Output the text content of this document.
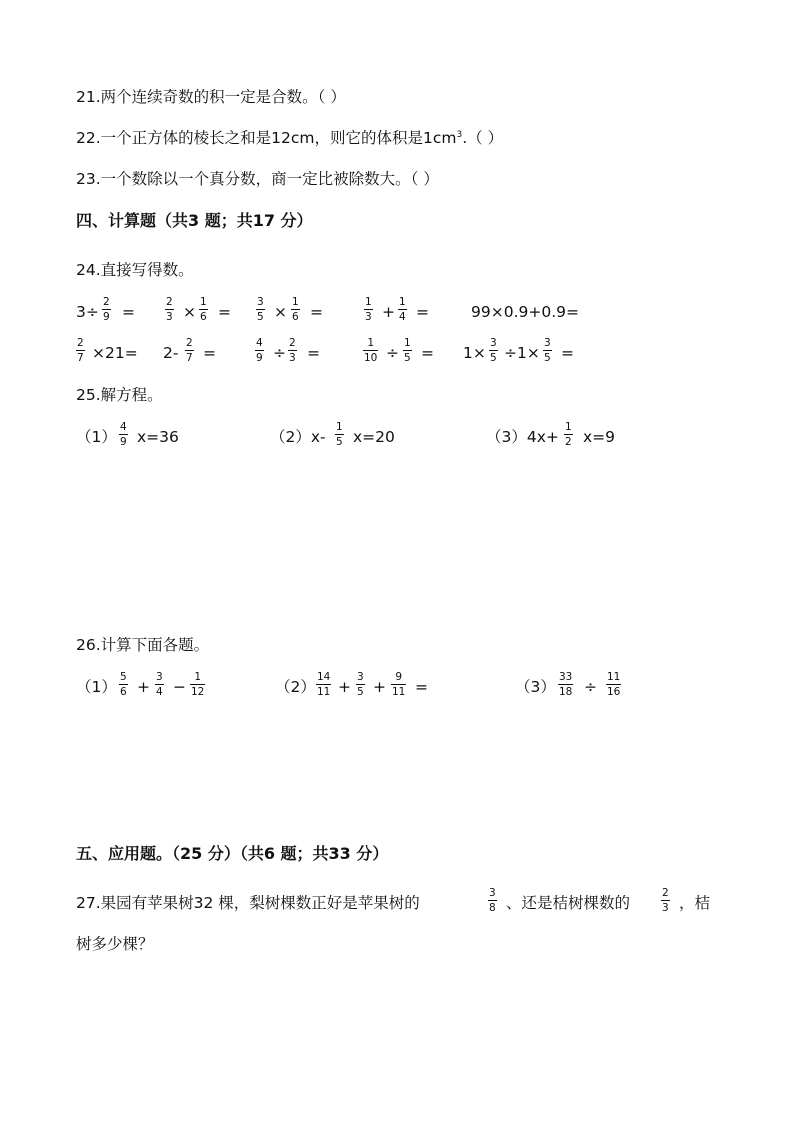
21.两个连续奇数的积一定是合数。（ ）
22.一个正方体的棱长之和是12cm，则它的体积是$1cm^3$.（ ）
23.一个数除以一个真分数，商一定比被除数大。（ ）
四、计算题（共3 题；共17 分）
24.直接写得数。
3÷
2
9 =
2
3 ×
1
6 =
3
5 ×
1
6 =
1
3 +
1
4 =	99×0.9+0.9=
2
7 ×21= 2-
2
7 =
4
9 ÷
2
3 =
1
10 ÷
1
5 = 1×
3
5 ÷1×
3
5 =
25.解方程。
（1）
4
9 x=36	（2）x-
1
5 x=20	（3）4x+
1
2 x=9
26.计算下面各题。
（1）
5
6 +
3
4 −
1
12	（2）
14
11 +
3
5 +
9
11 =	（3）
33
18 ÷
11
16
五、应用题。（25 分）（共6 题；共33 分）
27.果园有苹果树32 棵，梨树棵数正好是苹果树的
3
8 、还是桔树棵数的
2
3 ，桔
树多少棵？
